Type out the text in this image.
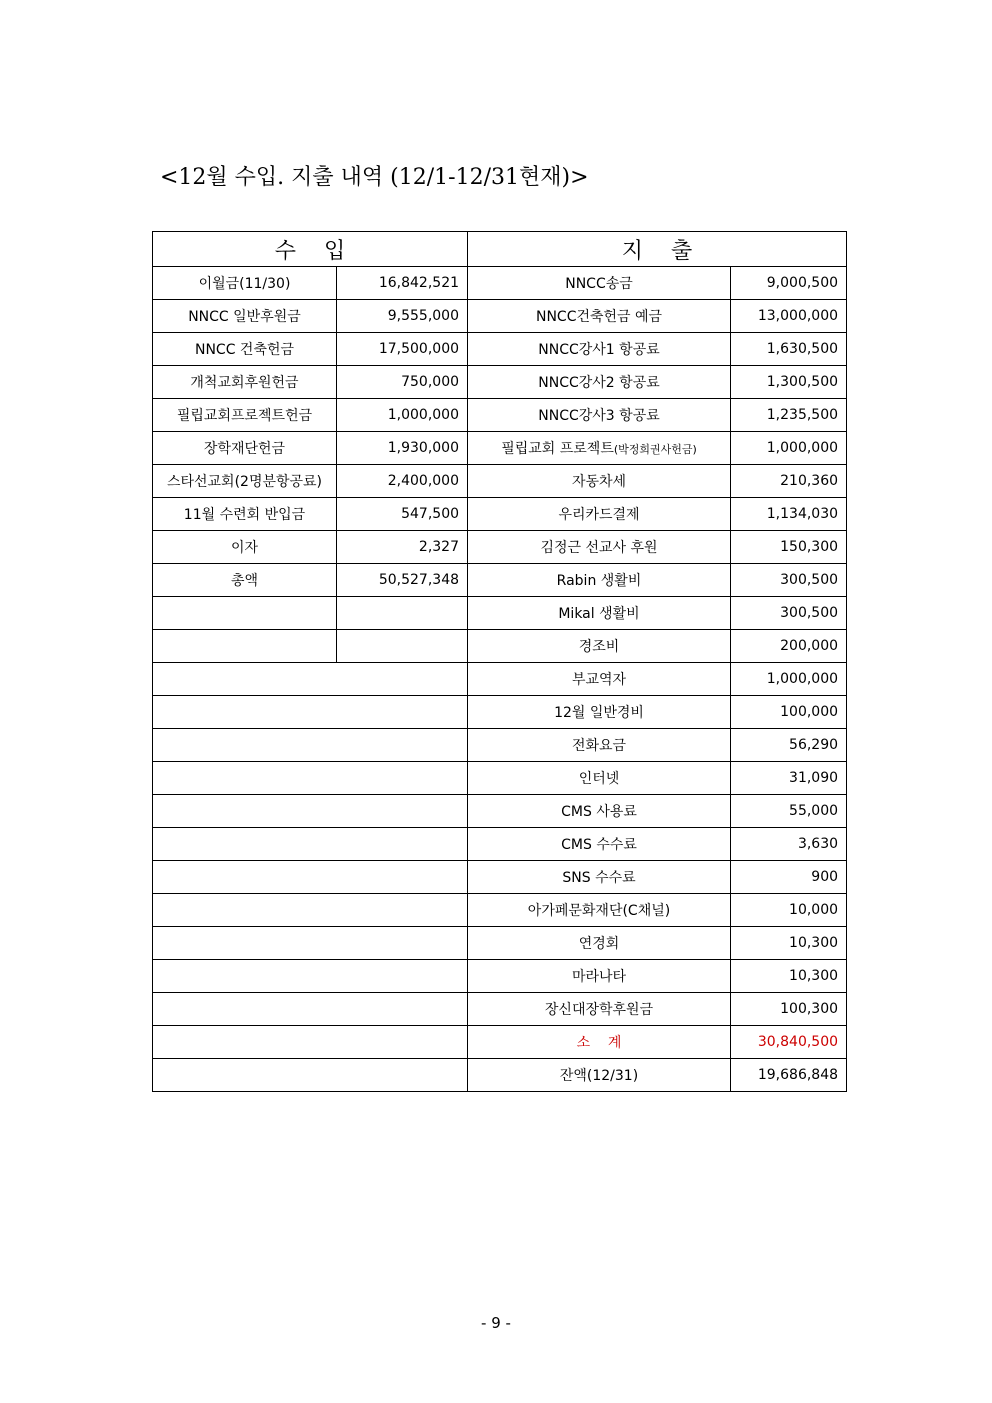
<12월 수입. 지출 내역 (12/1-12/31현재)>
수    입		지    출	
이월금(11/30)	16,842,521	NNCC송금	9,000,500
NNCC 일반후원금	9,555,000	NNCC건축헌금 예금	13,000,000
NNCC 건축헌금	17,500,000	NNCC강사1 항공료	1,630,500
개척교회후원헌금	750,000	NNCC강사2 항공료	1,300,500
필립교회프로젝트헌금	1,000,000	NNCC강사3 항공료	1,235,500
장학재단헌금	1,930,000	필립교회 프로젝트(박정희권사헌금)	1,000,000
스타선교회(2명분항공료)	2,400,000	자동차세	210,360
11월 수련회 반입금	547,500	우리카드결제	1,134,030
이자	2,327	김정근 선교사 후원	150,300
총액	50,527,348	Rabin 생활비	300,500
		Mikal 생활비	300,500
		경조비	200,000
		부교역자	1,000,000
		12월 일반경비	100,000
		전화요금	56,290
		인터넷	31,090
		CMS 사용료	55,000
		CMS 수수료	3,630
		SNS 수수료	900
		아가페문화재단(C채널)	10,000
		연경회	10,300
		마라나타	10,300
		장신대장학후원금	100,300
		소    계	30,840,500
		잔액(12/31)	19,686,848
- 9 -
